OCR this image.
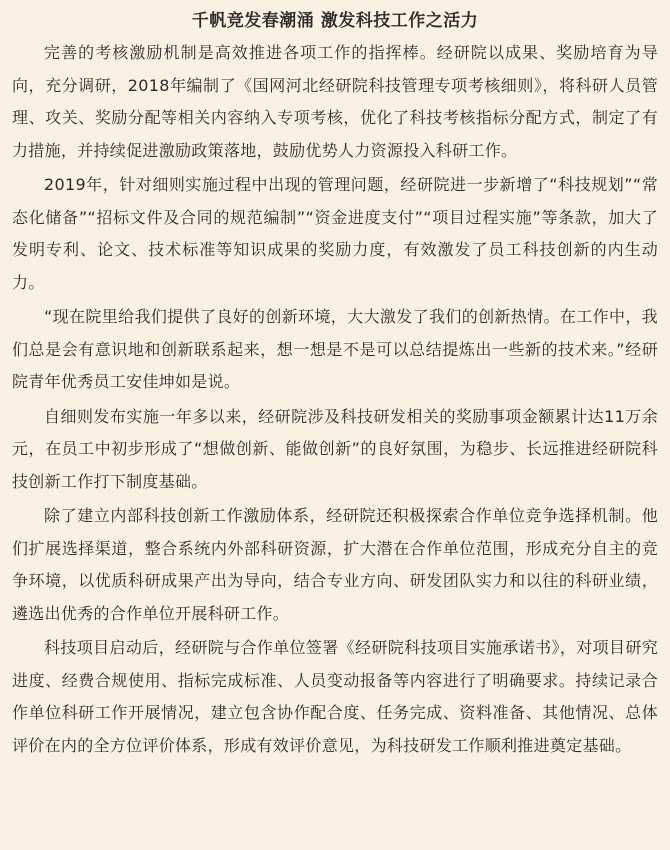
千帆竞发春潮涌 激发科技工作之活力

完善的考核激励机制是高效推进各项工作的指挥棒。经研院以成果、奖励培育为导向，充分调研，2018年编制了《国网河北经研院科技管理专项考核细则》，将科研人员管理、攻关、奖励分配等相关内容纳入专项考核，优化了科技考核指标分配方式，制定了有力措施，并持续促进激励政策落地，鼓励优势人力资源投入科研工作。

2019年，针对细则实施过程中出现的管理问题，经研院进一步新增了“科技规划”“常态化储备”“招标文件及合同的规范编制”“资金进度支付”“项目过程实施”等条款，加大了发明专利、论文、技术标准等知识成果的奖励力度，有效激发了员工科技创新的内生动力。

“现在院里给我们提供了良好的创新环境，大大激发了我们的创新热情。在工作中，我们总是会有意识地和创新联系起来，想一想是不是可以总结提炼出一些新的技术来。”经研院青年优秀员工安佳坤如是说。

自细则发布实施一年多以来，经研院涉及科技研发相关的奖励事项金额累计达11万余元，在员工中初步形成了“想做创新、能做创新”的良好氛围，为稳步、长远推进经研院科技创新工作打下制度基础。

除了建立内部科技创新工作激励体系，经研院还积极探索合作单位竞争选择机制。他们扩展选择渠道，整合系统内外部科研资源，扩大潜在合作单位范围，形成充分自主的竞争环境，以优质科研成果产出为导向，结合专业方向、研发团队实力和以往的科研业绩，遴选出优秀的合作单位开展科研工作。

科技项目启动后，经研院与合作单位签署《经研院科技项目实施承诺书》，对项目研究进度、经费合规使用、指标完成标准、人员变动报备等内容进行了明确要求。持续记录合作单位科研工作开展情况，建立包含协作配合度、任务完成、资料准备、其他情况、总体评价在内的全方位评价体系，形成有效评价意见，为科技研发工作顺利推进奠定基础。
